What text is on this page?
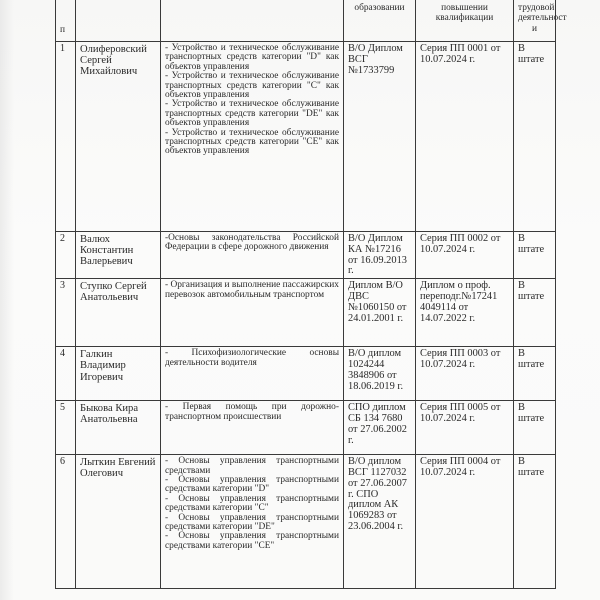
п			образовании	повышении квалификации	трудовой деятельност и

1	Олиферовский Сергей Михайлович	- Устройство и техническое обслуживание транспортных средств категории "D" как объектов управления
- Устройство и техническое обслуживание транспортных средств категории "C" как объектов управления
- Устройство и техническое обслуживание транспортных средств категории "DE" как объектов управления
- Устройство и техническое обслуживание транспортных средств категории "CE" как объектов управления	В/О Диплом ВСГ №1733799	Серия ПП 0001 от 10.07.2024 г.	В штате
2	Валюх Константин Валерьевич	-Основы законодательства Российской Федерации в сфере дорожного движения	В/О Диплом КА №17216 от 16.09.2013 г.	Серия ПП 0002 от 10.07.2024 г.	В штате
3	Ступко Сергей Анатольевич	- Организация и выполнение пассажирских перевозок автомобильным транспортом	Диплом В/О ДВС №1060150 от 24.01.2001 г.	Диплом о проф. переподг.№17241 4049114 от 14.07.2022 г.	В штате
4	Галкин Владимир Игоревич	- Психофизиологические основы деятельности водителя	В/О диплом 1024244 3848906 от 18.06.2019 г.	Серия ПП 0003 от 10.07.2024 г.	В штате
5	Быкова Кира Анатольевна	- Первая помощь при дорожно-транспортном происшествии	СПО диплом СБ 134 7680 от 27.06.2002 г.	Серия ПП 0005 от 10.07.2024 г.	В штате
6	Лыткин Евгений Олегович	- Основы управления транспортными средствами
- Основы управления транспортными средствами категории "D"
- Основы управления транспортными средствами категории "C"
- Основы управления транспортными средствами категории "DE"
- Основы управления транспортными средствами категории "CE"	В/О диплом ВСГ 1127032 от 27.06.2007 г. СПО диплом АК 1069283 от 23.06.2004 г.	Серия ПП 0004 от 10.07.2024 г.	В штате
